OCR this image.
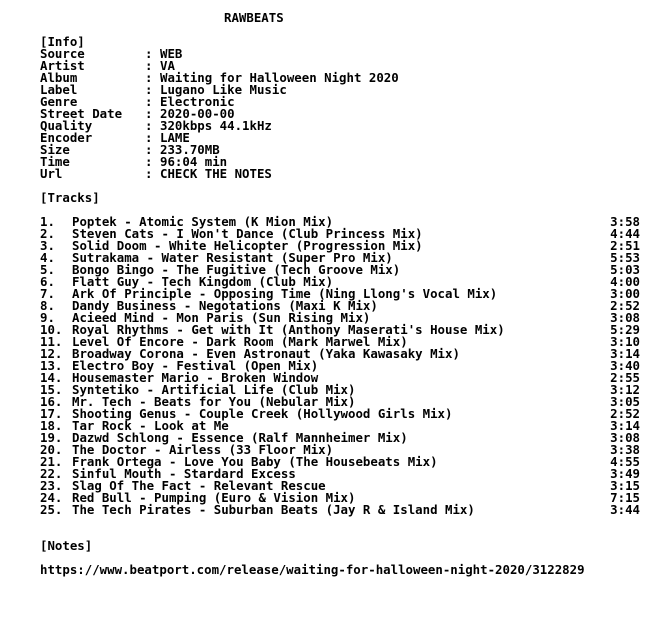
RAWBEATS
[Info]
Source	: WEB
Artist	: VA
Album	: Waiting for Halloween Night 2020
Label	: Lugano Like Music
Genre	: Electronic
Street Date	: 2020-00-00
Quality	: 320kbps 44.1kHz
Encoder	: LAME
Size	: 233.70MB
Time	: 96:04 min
Url	: CHECK THE NOTES
[Tracks]
1.	Poptek - Atomic System (K Mion Mix)	3:58
2.	Steven Cats - I Won't Dance (Club Princess Mix)	4:44
3.	Solid Doom - White Helicopter (Progression Mix)	2:51
4.	Sutrakama - Water Resistant (Super Pro Mix)	5:53
5.	Bongo Bingo - The Fugitive (Tech Groove Mix)	5:03
6.	Flatt Guy - Tech Kingdom (Club Mix)	4:00
7.	Ark Of Principle - Opposing Time (Ning Llong's Vocal Mix)	3:00
8.	Dandy Business - Negotations (Maxi K Mix)	2:52
9.	Acieed Mind - Mon Paris (Sun Rising Mix)	3:08
10. Royal Rhythms - Get with It (Anthony Maserati's House Mix)	5:29
11. Level Of Encore - Dark Room (Mark Marwel Mix)	3:10
12. Broadway Corona - Even Astronaut (Yaka Kawasaky Mix)	3:14
13. Electro Boy - Festival (Open Mix)	3:40
14. Housemaster Mario - Broken Window	2:55
15. Syntetiko - Artificial Life (Club Mix)	3:12
16. Mr. Tech - Beats for You (Nebular Mix)	3:05
17. Shooting Genus - Couple Creek (Hollywood Girls Mix)	2:52
18. Tar Rock - Look at Me	3:14
19. Dazwd Schlong - Essence (Ralf Mannheimer Mix)	3:08
20. The Doctor - Airless (33 Floor Mix)	3:38
21. Frank Ortega - Love You Baby (The Housebeats Mix)	4:55
22. Sinful Mouth - Stardard Excess	3:49
23. Slag Of The Fact - Relevant Rescue	3:15
24. Red Bull - Pumping (Euro & Vision Mix)	7:15
25. The Tech Pirates - Suburban Beats (Jay R & Island Mix)	3:44
[Notes]
https://www.beatport.com/release/waiting-for-halloween-night-2020/3122829
